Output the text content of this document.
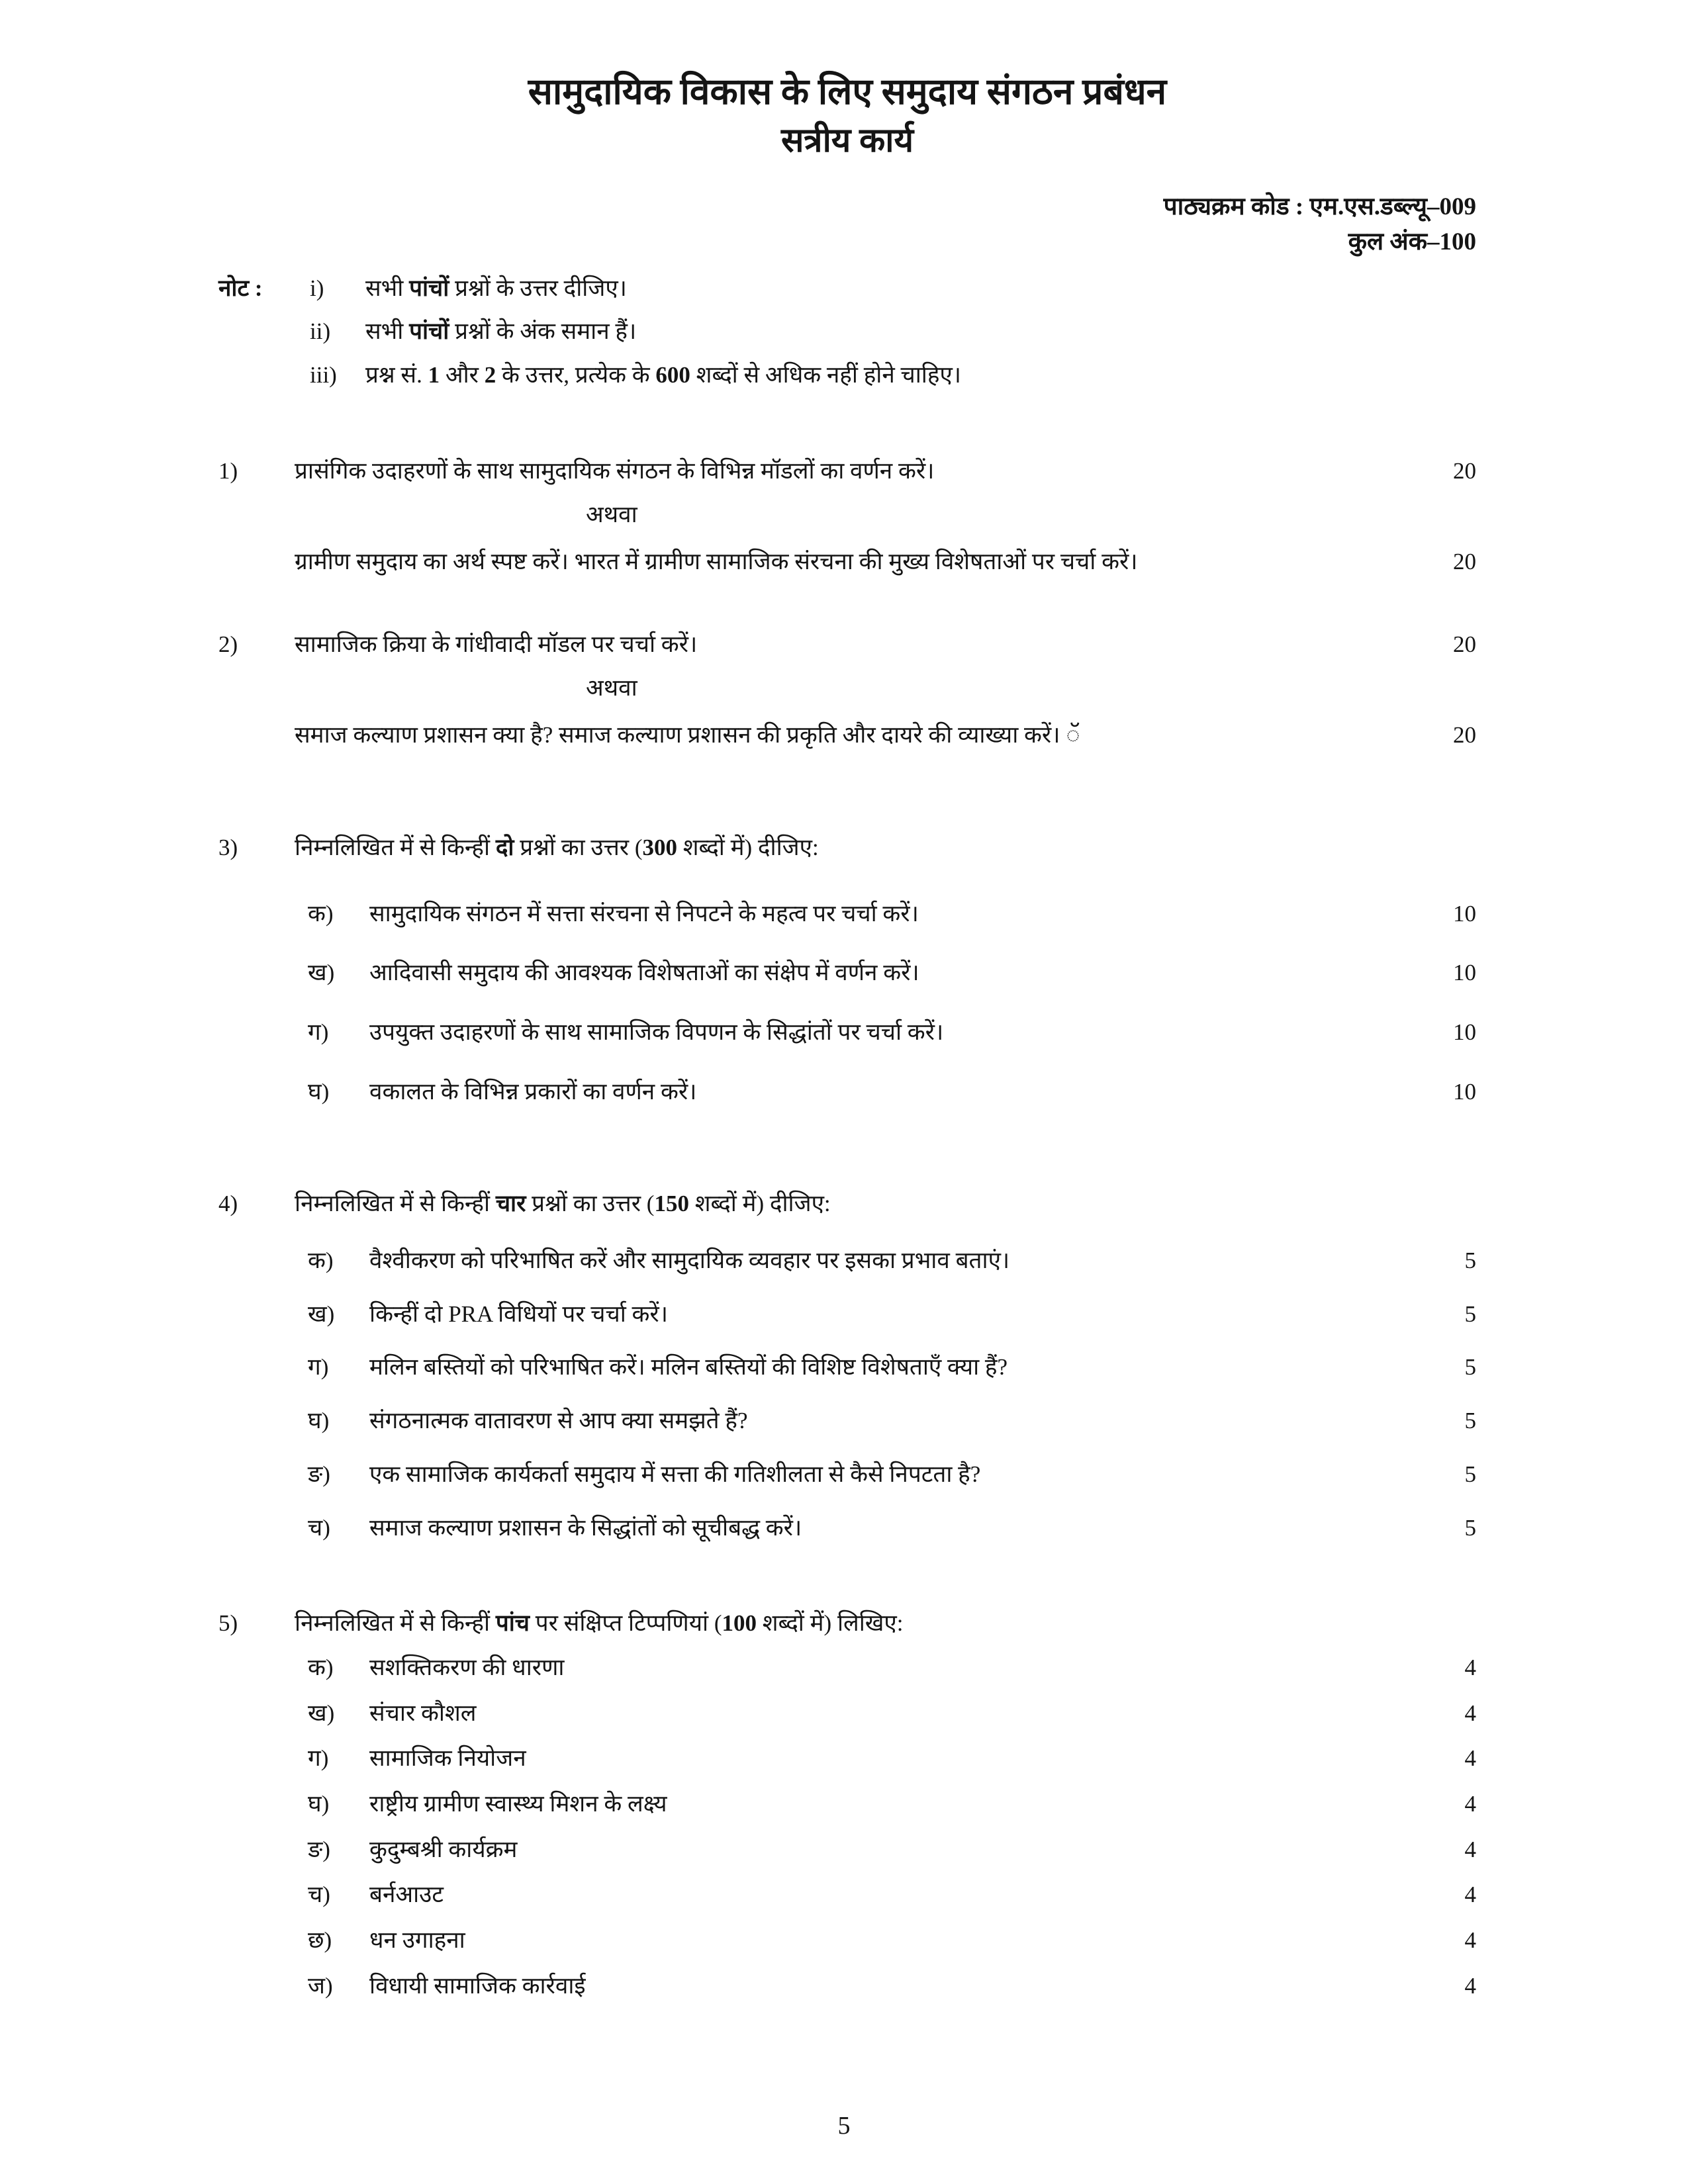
सामुदायिक विकास के लिए समुदाय संगठन प्रबंधन
सत्रीय कार्य
पाठ्यक्रम कोड : एम.एस.डब्ल्यू–009
कुल अंक–100
नोट :	i)	सभी पांचों प्रश्नों के उत्तर दीजिए।
ii)	सभी पांचों प्रश्नों के अंक समान हैं।
iii)	प्रश्न सं. 1 और 2 के उत्तर, प्रत्येक के 600 शब्दों से अधिक नहीं होने चाहिए।
1)	प्रासंगिक उदाहरणों के साथ सामुदायिक संगठन के विभिन्न मॉडलों का वर्णन करें।	20
अथवा
ग्रामीण समुदाय का अर्थ स्पष्ट करें। भारत में ग्रामीण सामाजिक संरचना की मुख्य विशेषताओं पर चर्चा करें।	20
2)	सामाजिक क्रिया के गांधीवादी मॉडल पर चर्चा करें।	20
अथवा
समाज कल्याण प्रशासन क्या है? समाज कल्याण प्रशासन की प्रकृति और दायरे की व्याख्या करें। ॅ	20
3)	निम्नलिखित में से किन्हीं दो प्रश्नों का उत्तर (300 शब्दों में) दीजिए:
क) सामुदायिक संगठन में सत्ता संरचना से निपटने के महत्व पर चर्चा करें।	10
ख) आदिवासी समुदाय की आवश्यक विशेषताओं का संक्षेप में वर्णन करें।	10
ग) उपयुक्त उदाहरणों के साथ सामाजिक विपणन के सिद्धांतों पर चर्चा करें।	10
घ) वकालत के विभिन्न प्रकारों का वर्णन करें।	10
4)	निम्नलिखित में से किन्हीं चार प्रश्नों का उत्तर (150 शब्दों में) दीजिए:
क) वैश्वीकरण को परिभाषित करें और सामुदायिक व्यवहार पर इसका प्रभाव बताएं।	5
ख) किन्हीं दो PRA विधियों पर चर्चा करें।	5
ग) मलिन बस्तियों को परिभाषित करें। मलिन बस्तियों की विशिष्ट विशेषताएँ क्या हैं?	5
घ) संगठनात्मक वातावरण से आप क्या समझते हैं?	5
ङ) एक सामाजिक कार्यकर्ता समुदाय में सत्ता की गतिशीलता से कैसे निपटता है?	5
च) समाज कल्याण प्रशासन के सिद्धांतों को सूचीबद्ध करें।	5
5)	निम्नलिखित में से किन्हीं पांच पर संक्षिप्त टिप्पणियां (100 शब्दों में) लिखिए:
क) सशक्तिकरण की धारणा	4
ख) संचार कौशल	4
ग) सामाजिक नियोजन	4
घ) राष्ट्रीय ग्रामीण स्वास्थ्य मिशन के लक्ष्य	4
ङ) कुदुम्बश्री कार्यक्रम	4
च) बर्नआउट	4
छ) धन उगाहना	4
ज) विधायी सामाजिक कार्रवाई	4
5
